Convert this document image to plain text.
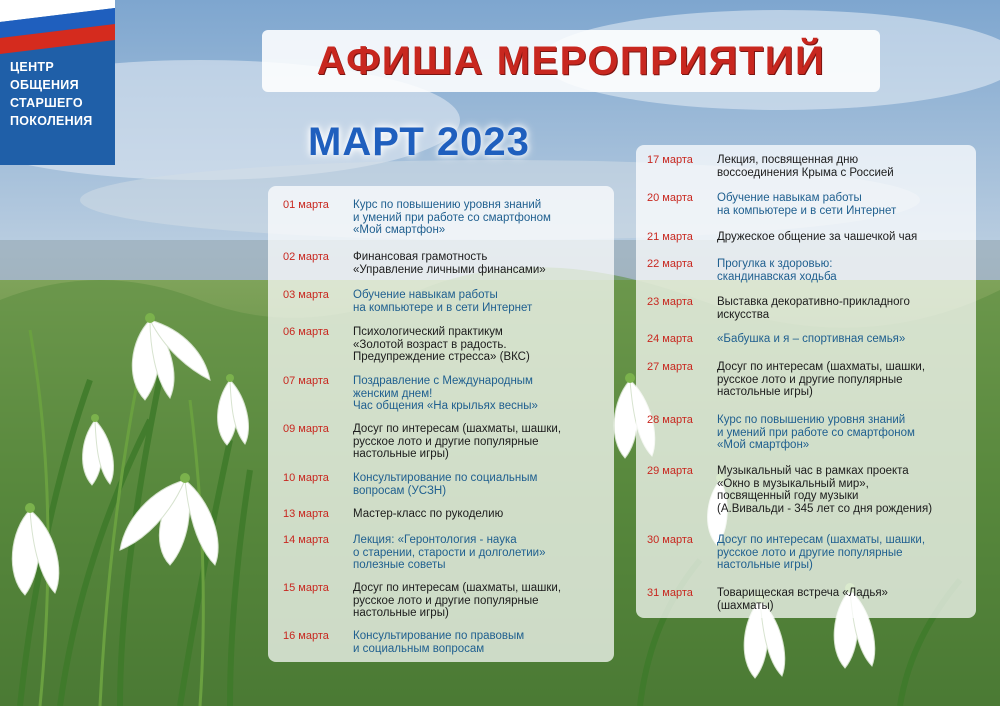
ЦЕНТР
ОБЩЕНИЯ
СТАРШЕГО
ПОКОЛЕНИЯ
АФИША МЕРОПРИЯТИЙ
МАРТ 2023
01 марта	Курс по повышению уровня знаний
и умений при работе со смартфоном
«Мой смартфон»
02 марта	Финансовая грамотность
«Управление личными финансами»
03 марта	Обучение навыкам работы
на компьютере и в сети Интернет
06 марта	Психологический практикум
«Золотой возраст в радость.
Предупреждение стресса» (ВКС)
07 марта	Поздравление с Международным
женским днем!
Час общения «На крыльях весны»
09 марта	Досуг по интересам (шахматы, шашки,
русское лото и другие популярные
настольные игры)
10 марта	Консультирование по социальным
вопросам (УСЗН)
13 марта	Мастер-класс по рукоделию
14 марта	Лекция: «Геронтология - наука
о старении, старости и долголетии»
полезные советы
15 марта	Досуг по интересам (шахматы, шашки,
русское лото и другие популярные
настольные игры)
16 марта	Консультирование по правовым
и социальным вопросам
17 марта	Лекция, посвященная дню
воссоединения Крыма с Россией
20 марта	Обучение навыкам работы
на компьютере и в сети Интернет
21 марта	Дружеское общение за чашечкой чая
22 марта	Прогулка к здоровью:
скандинавская ходьба
23 марта	Выставка декоративно-прикладного
искусства
24 марта	«Бабушка и я – спортивная семья»
27 марта	Досуг по интересам (шахматы, шашки,
русское лото и другие популярные
настольные игры)
28 марта	Курс по повышению уровня знаний
и умений при работе со смартфоном
«Мой смартфон»
29 марта	Музыкальный час в рамках проекта
«Окно в музыкальный мир»,
посвященный году музыки
(А.Вивальди - 345 лет со дня рождения)
30 марта	Досуг по интересам (шахматы, шашки,
русское лото и другие популярные
настольные игры)
31 марта	Товарищеская встреча «Ладья»
(шахматы)
